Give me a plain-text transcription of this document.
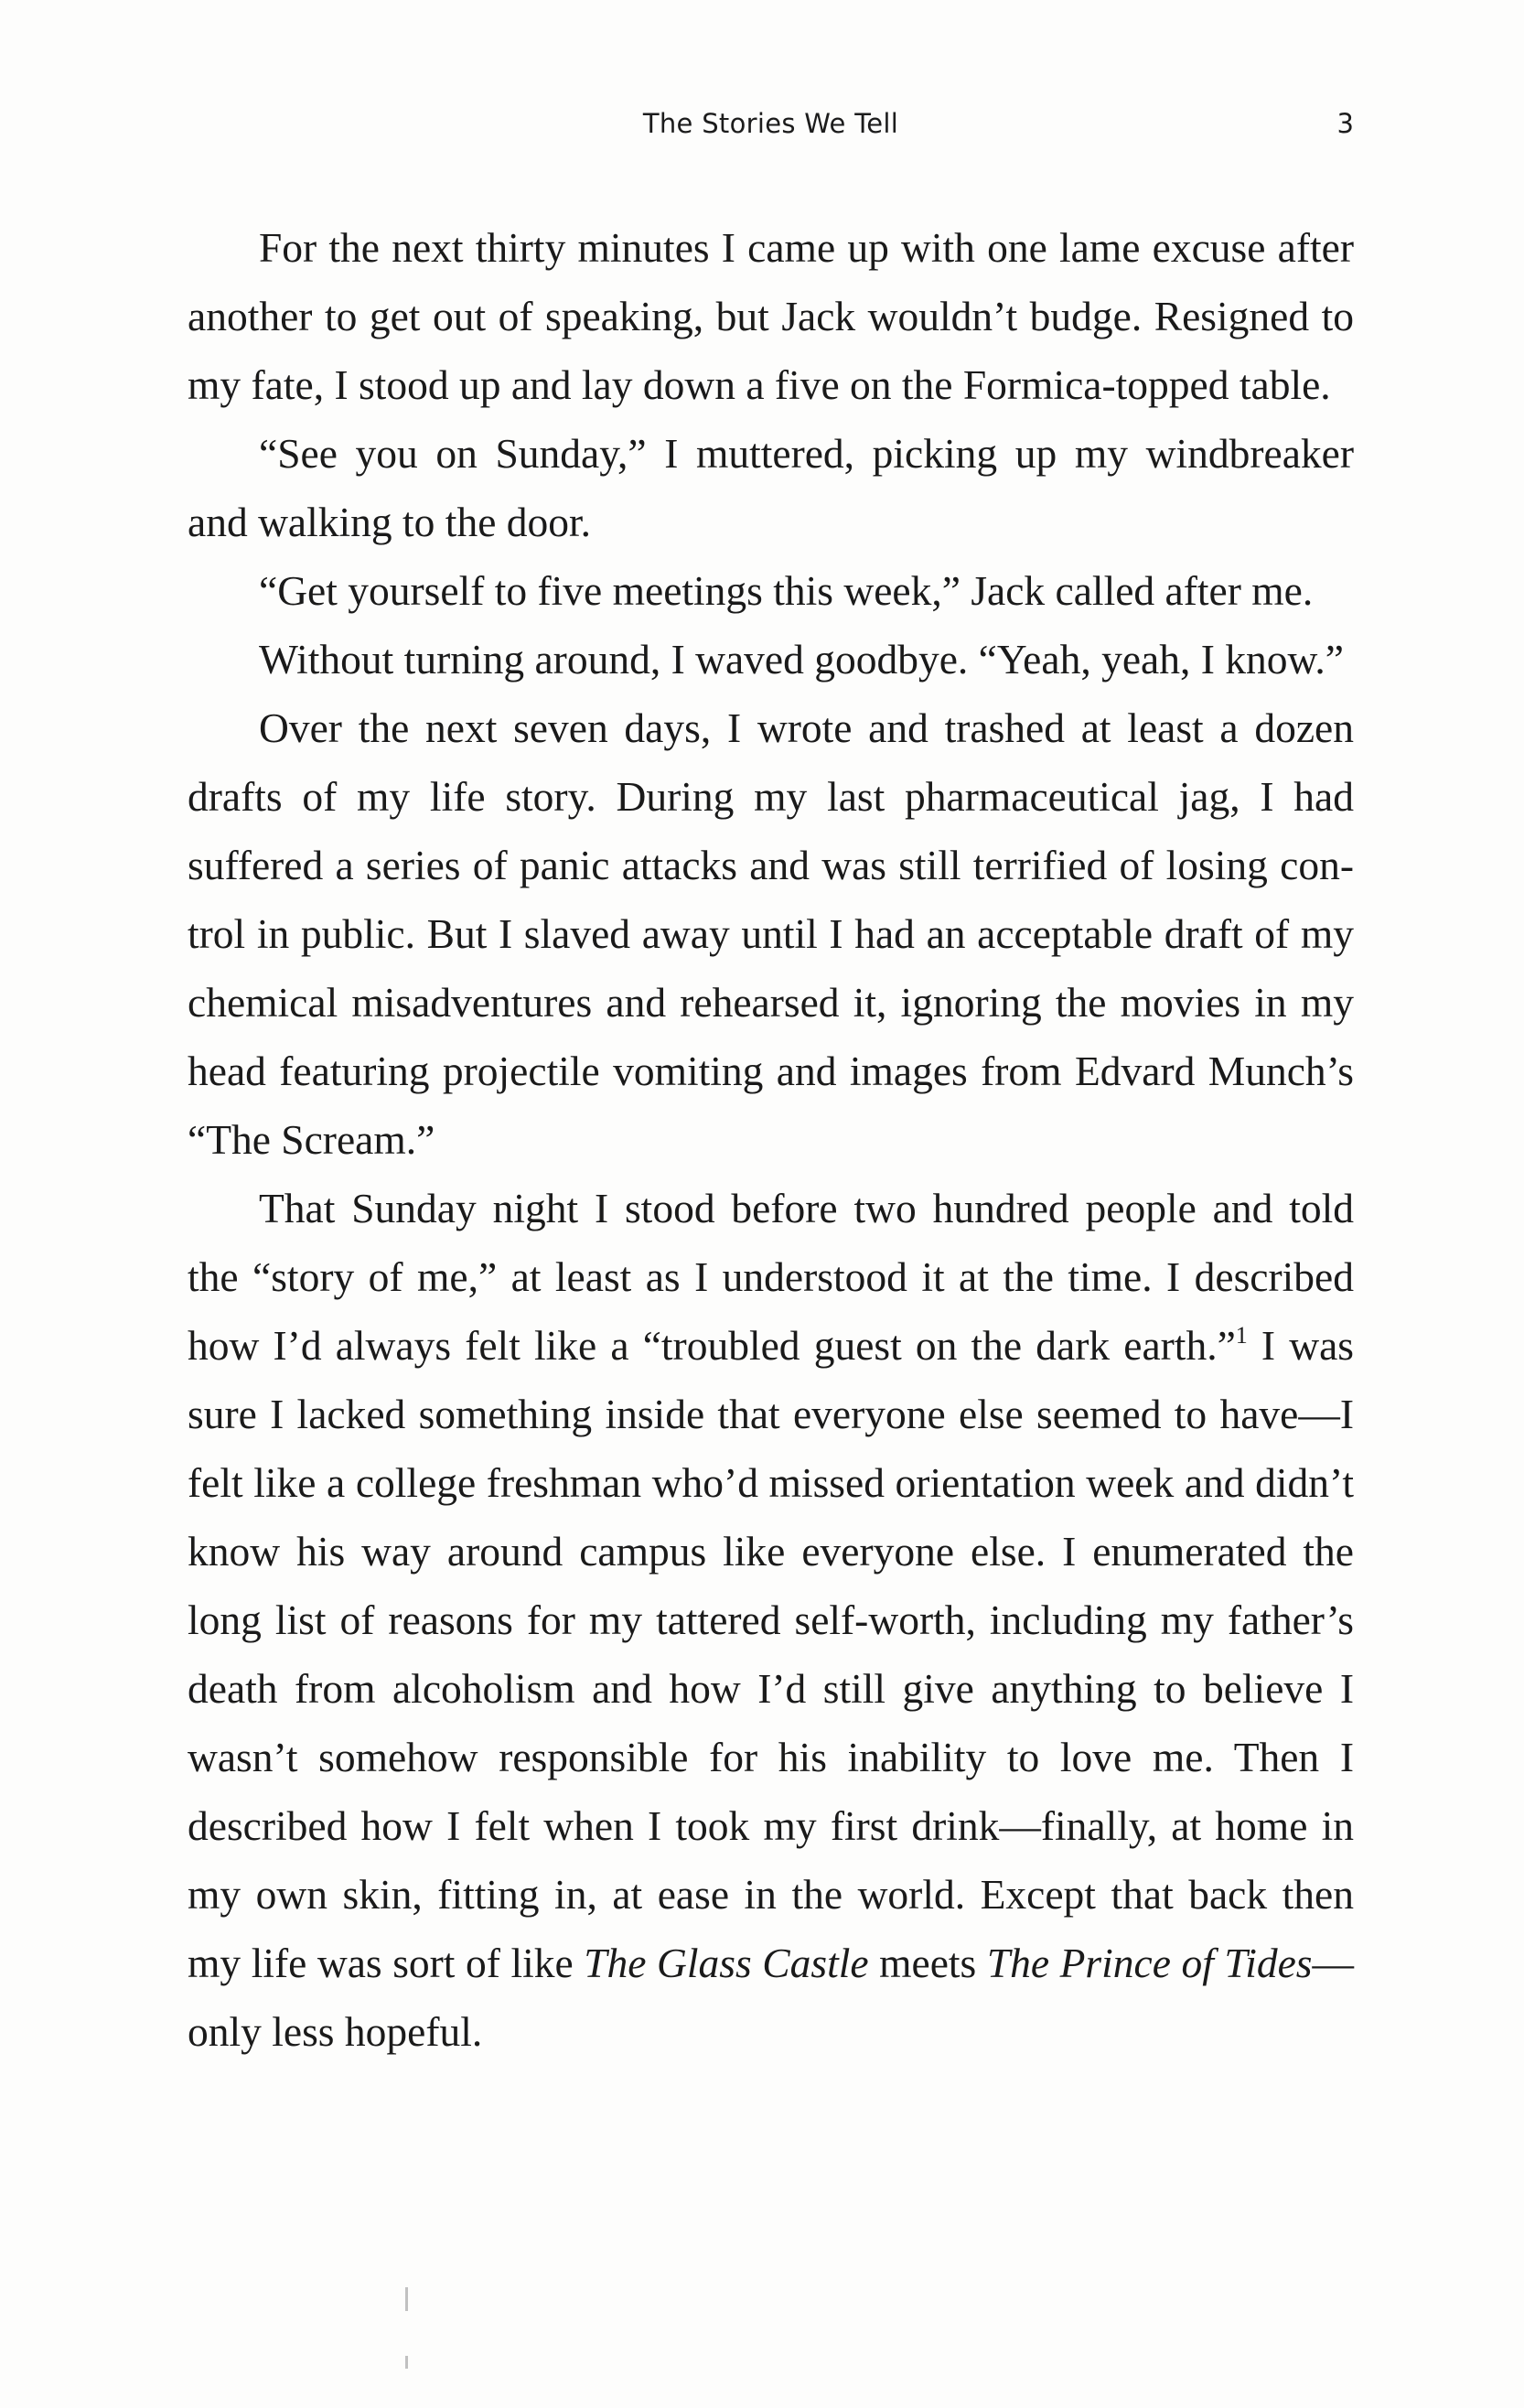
The Stories We Tell	3

For the next thirty minutes I came up with one lame excuse after another to get out of speaking, but Jack wouldn’t budge. Resigned to my fate, I stood up and lay down a five on the Formica-topped table.

“See you on Sunday,” I muttered, picking up my windbreaker and walking to the door.

“Get yourself to five meetings this week,” Jack called after me.

Without turning around, I waved goodbye. “Yeah, yeah, I know.”

Over the next seven days, I wrote and trashed at least a dozen drafts of my life story. During my last pharmaceutical jag, I had suffered a series of panic attacks and was still terrified of losing control in public. But I slaved away until I had an acceptable draft of my chemical misadventures and rehearsed it, ignoring the movies in my head featuring projectile vomiting and images from Edvard Munch’s “The Scream.”

That Sunday night I stood before two hundred people and told the “story of me,” at least as I understood it at the time. I described how I’d always felt like a “troubled guest on the dark earth.”$^1$ I was sure I lacked something inside that everyone else seemed to have—I felt like a college freshman who’d missed orientation week and didn’t know his way around campus like everyone else. I enumerated the long list of reasons for my tattered self-worth, including my father’s death from alcoholism and how I’d still give anything to believe I wasn’t somehow responsible for his inability to love me. Then I described how I felt when I took my first drink—finally, at home in my own skin, fitting in, at ease in the world. Except that back then my life was sort of like The Glass Castle meets The Prince of Tides—only less hopeful.
